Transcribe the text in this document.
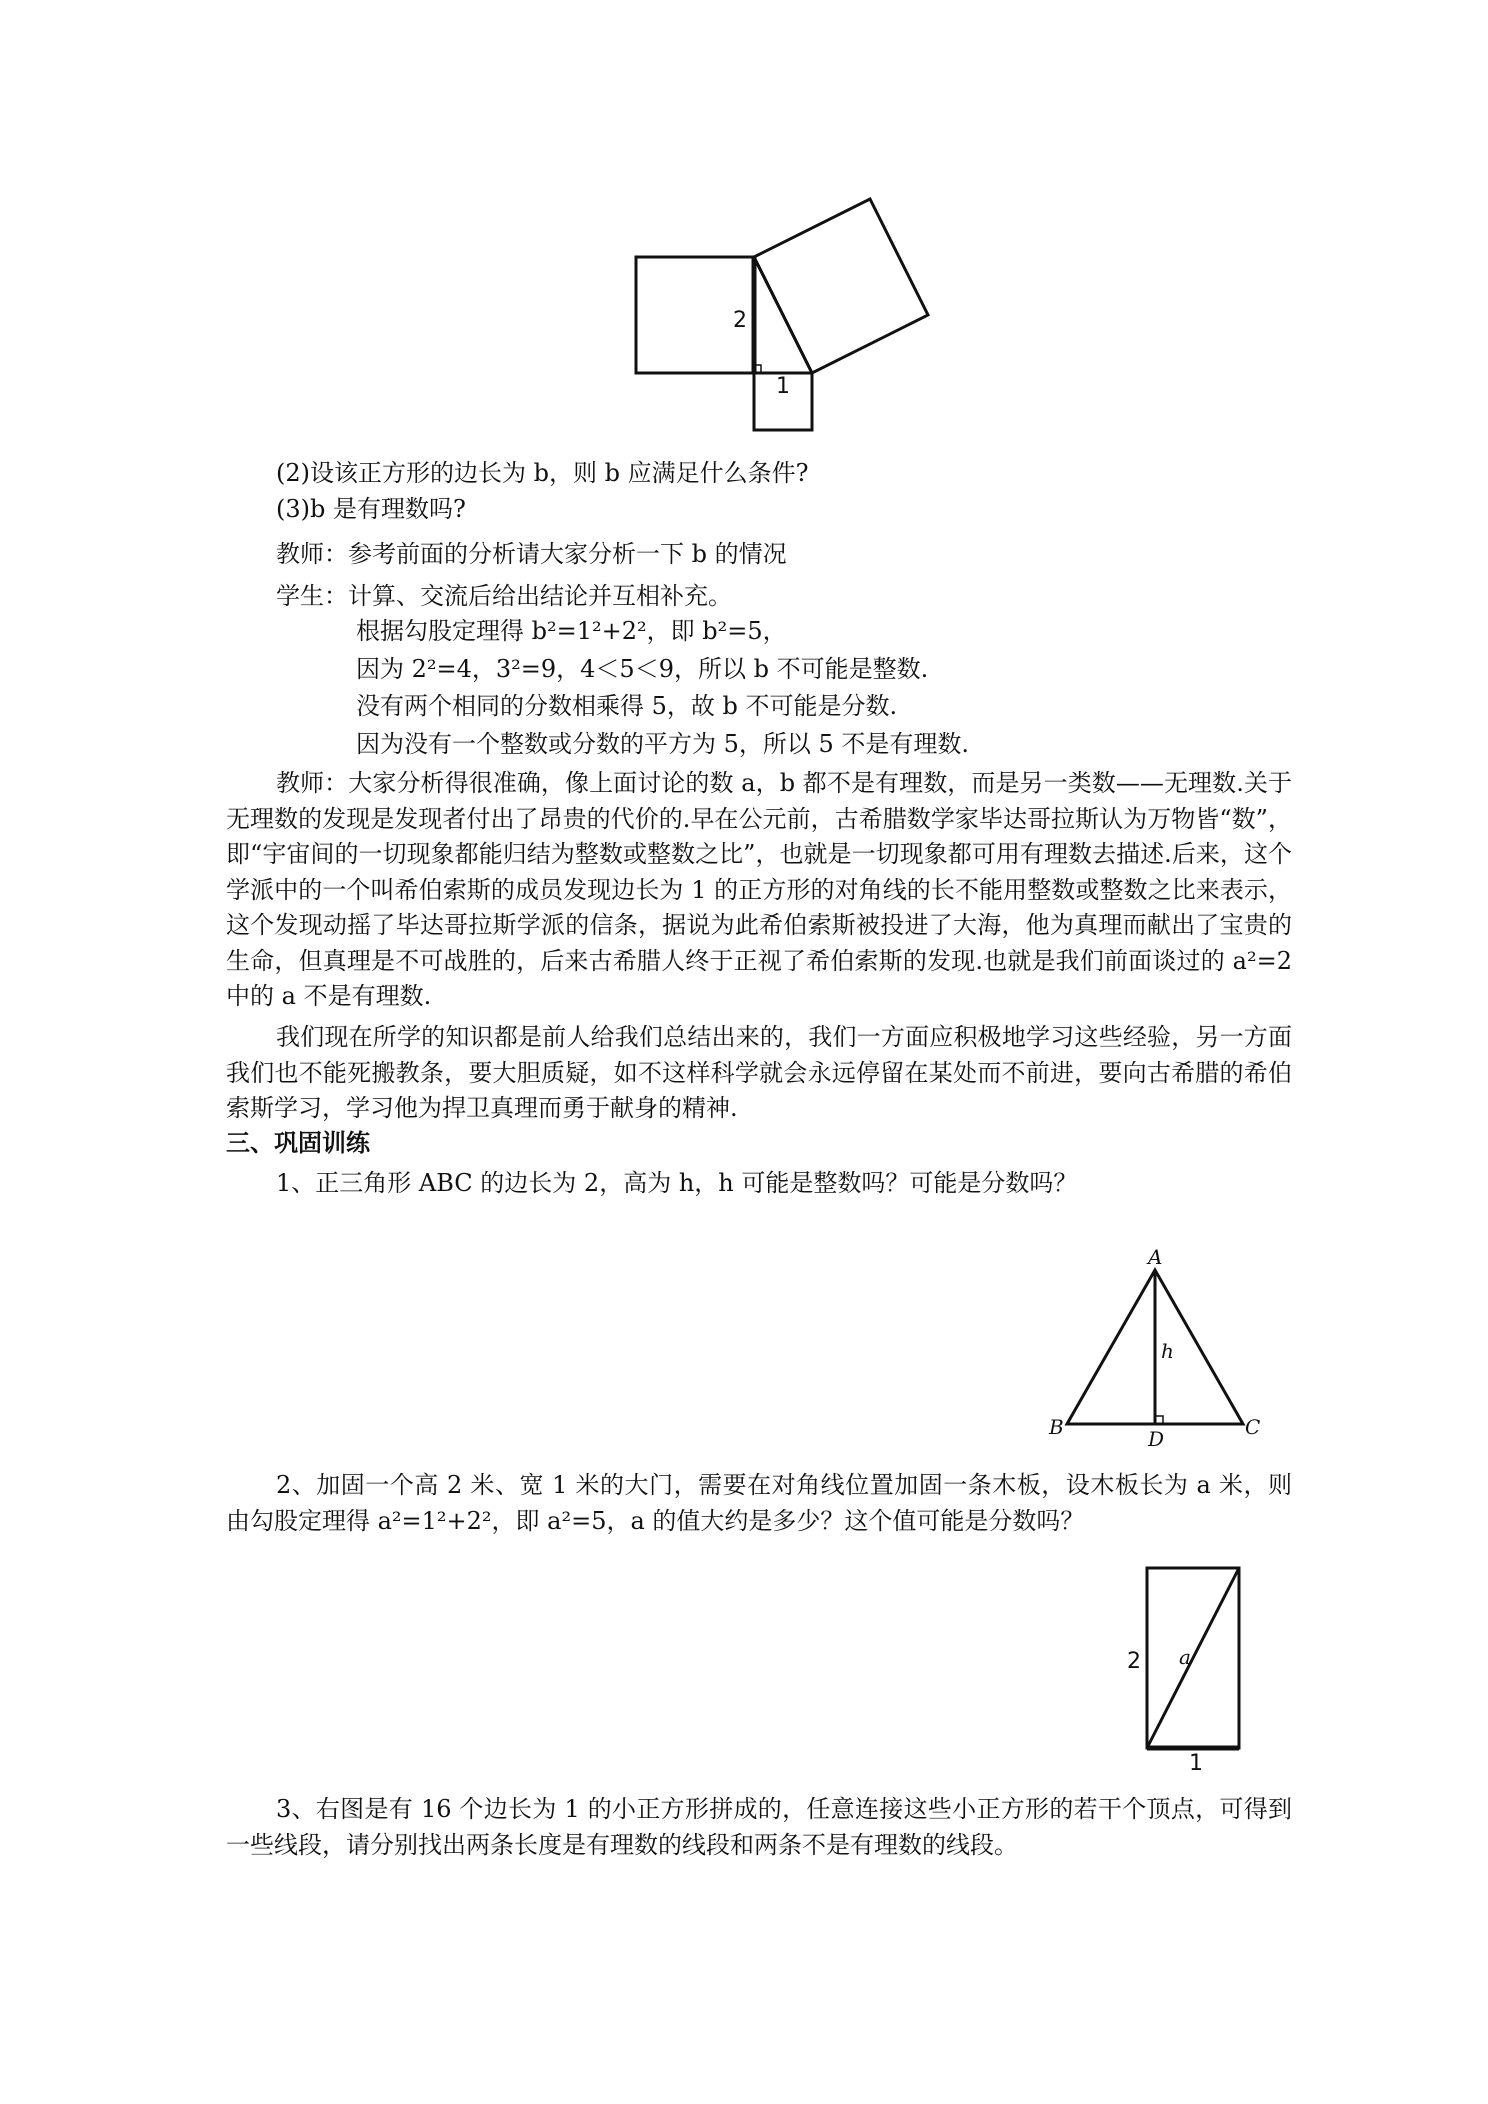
2
1
(2)设该正方形的边长为 b，则 b 应满足什么条件?
(3)b 是有理数吗?
教师：参考前面的分析请大家分析一下 b 的情况
学生：计算、交流后给出结论并互相补充。
根据勾股定理得 b²=1²+2²，即 b²=5，
因为 2²=4，3²=9，4＜5＜9，所以 b 不可能是整数.
没有两个相同的分数相乘得 5，故 b 不可能是分数.
因为没有一个整数或分数的平方为 5，所以 5 不是有理数.
教师：大家分析得很准确，像上面讨论的数 a，b 都不是有理数，而是另一类数——无理数.关于无理数的发现是发现者付出了昂贵的代价的.早在公元前，古希腊数学家毕达哥拉斯认为万物皆“数”，即“宇宙间的一切现象都能归结为整数或整数之比”，也就是一切现象都可用有理数去描述.后来，这个学派中的一个叫希伯索斯的成员发现边长为 1 的正方形的对角线的长不能用整数或整数之比来表示，这个发现动摇了毕达哥拉斯学派的信条，据说为此希伯索斯被投进了大海，他为真理而献出了宝贵的生命，但真理是不可战胜的，后来古希腊人终于正视了希伯索斯的发现.也就是我们前面谈过的 a²=2 中的 a 不是有理数.
我们现在所学的知识都是前人给我们总结出来的，我们一方面应积极地学习这些经验，另一方面我们也不能死搬教条，要大胆质疑，如不这样科学就会永远停留在某处而不前进，要向古希腊的希伯索斯学习，学习他为捍卫真理而勇于献身的精神.
三、巩固训练
1、正三角形 ABC 的边长为 2，高为 h，h 可能是整数吗？可能是分数吗？
A
B	C
D
h
2、加固一个高 2 米、宽 1 米的大门，需要在对角线位置加固一条木板，设木板长为 a 米，则由勾股定理得 a²=1²+2²，即 a²=5，a 的值大约是多少？这个值可能是分数吗？
2 a
1
3、右图是有 16 个边长为 1 的小正方形拼成的，任意连接这些小正方形的若干个顶点，可得到一些线段，请分别找出两条长度是有理数的线段和两条不是有理数的线段。
